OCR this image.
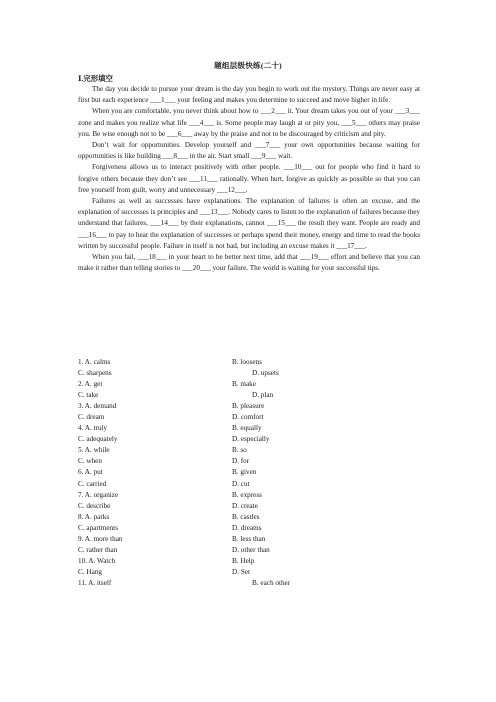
题组层级快练(二十)
Ⅰ.完形填空

The day you decide to pursue your dream is the day you begin to work out the mystery. Things are never easy at first but each experience ___1___ your feeling and makes you determine to succeed and move higher in life.

When you are comfortable, you never think about how to ___2___ it. Your dream takes you out of your ___3___ zone and makes you realize what life ___4___ is. Some people may laugh at or pity you, ___5___ others may praise you. Be wise enough not to be ___6___ away by the praise and not to be discouraged by criticism and pity.

Don’t wait for opportunities. Develop yourself and ___7___ your own opportunities because waiting for opportunities is like building ___8___ in the air. Start small ___9___ wait.

Forgiveness allows us to interact positively with other people. ___10___ out for people who find it hard to forgive others because they don’t see ___11___ rationally. When hurt, forgive as quickly as possible so that you can free yourself from guilt, worry and unnecessary ___12___.

Failures as well as successes have explanations. The explanation of failures is often an excuse, and the explanation of successes is principles and ___13___. Nobody cares to listen to the explanation of failures because they understand that failures, ___14___ by their explanations, cannot ___15___ the result they want. People are ready and ___16___ to pay to hear the explanation of successes or perhaps spend their money, energy and time to read the books written by successful people. Failure in itself is not bad, but including an excuse makes it ___17___.

When you fail, ___18___ in your heart to be better next time, add that ___19___ effort and believe that you can make it rather than telling stories to ___20___ your failure. The world is waiting for your successful tips.

1. A. calms	B. loosens
C. sharpens	D. upsets
2. A. get	B. make
C. take	D. plan
3. A. demand	B. pleasure
C. dream	D. comfort
4. A. truly	B. equally
C. adequately	D. especially
5. A. while	B. so
C. when	D. for
6. A. put	B. given
C. carried	D. cut
7. A. organize	B. express
C. describe	D. create
8. A. parks	B. castles
C. apartments	D. dreams
9. A. more than	B. less than
C. rather than	D. other than
10. A. Watch	B. Help
C. Hang	D. Set
11. A. itself	B. each other
